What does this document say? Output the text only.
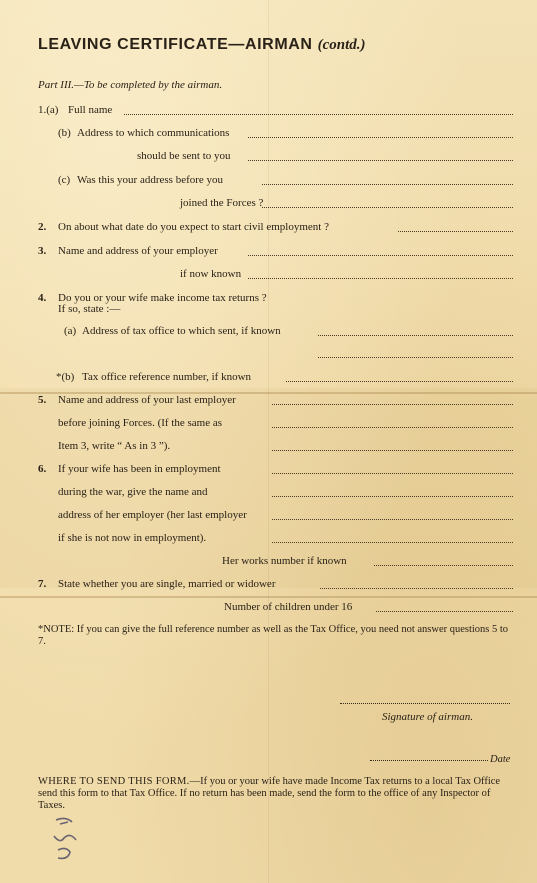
LEAVING CERTIFICATE—AIRMAN (contd.)
Part III.—To be completed by the airman.
1.(a) Full name
(b) Address to which communications
should be sent to you
(c) Was this your address before you
joined the Forces ?
2. On about what date do you expect to start civil employment ?
3. Name and address of your employer
if now known
4. Do you or your wife make income tax returns ?
If so, state :—
(a) Address of tax office to which sent, if known
*(b) Tax office reference number, if known
5. Name and address of your last employer
before joining Forces. (If the same as
Item 3, write “ As in 3 ”).
6. If your wife has been in employment
during the war, give the name and
address of her employer (her last employer
if she is not now in employment).
Her works number if known
7. State whether you are single, married or widower
Number of children under 16
*NOTE: If you can give the full reference number as well as the Tax Office, you need not answer questions 5 to 7.
Signature of airman.
Date
WHERE TO SEND THIS FORM.—If you or your wife have made Income Tax returns to a local Tax Office send this form to that Tax Office. If no return has been made, send the form to the office of any Inspector of Taxes.
